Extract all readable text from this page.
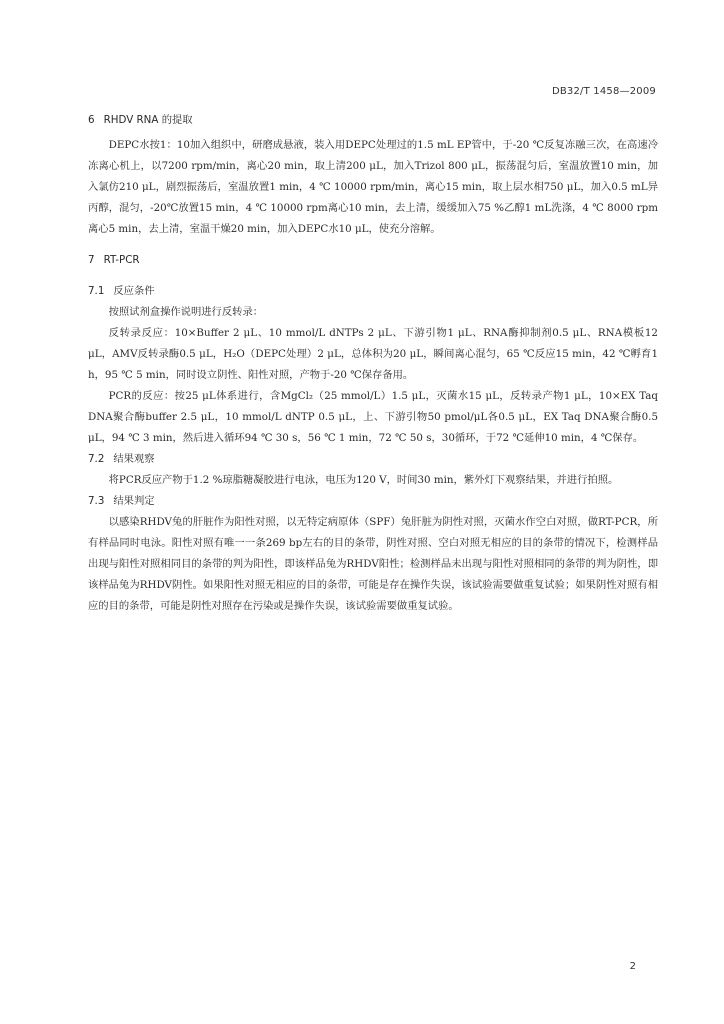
DB32/T 1458—2009
6 RHDV RNA 的提取

DEPC水按1：10加入组织中，研磨成悬液，装入用DEPC处理过的1.5 mL EP管中，于-20 ℃反复冻融三次，在高速冷冻离心机上，以7200 rpm/min，离心20 min，取上清200 μL，加入Trizol 800 μL，振荡混匀后，室温放置10 min，加入氯仿210 μL，剧烈振荡后，室温放置1 min，4 ℃ 10000 rpm/min，离心15 min，取上层水相750 μL，加入0.5 mL异丙醇，混匀，-20℃放置15 min，4 ℃ 10000 rpm离心10 min，去上清，缓缓加入75 %乙醇1 mL洗涤，4 ℃ 8000 rpm离心5 min，去上清，室温干燥20 min，加入DEPC水10 μL，使充分溶解。

7 RT-PCR
7.1 反应条件

按照试剂盒操作说明进行反转录：

反转录反应：10×Buffer 2 μL、10 mmol/L dNTPs 2 μL、下游引物1 μL、RNA酶抑制剂0.5 μL、RNA模板12 μL，AMV反转录酶0.5 μL，H₂O（DEPC处理）2 μL，总体积为20 μL，瞬间离心混匀，65 ℃反应15 min，42 ℃孵育1 h，95 ℃ 5 min，同时设立阴性、阳性对照，产物于-20 ℃保存备用。

PCR的反应：按25 μL体系进行，含MgCl₂（25 mmol/L）1.5 μL，灭菌水15 μL，反转录产物1 μL，10×EX Taq DNA聚合酶buffer 2.5 μL，10 mmol/L dNTP 0.5 μL，上、下游引物50 pmol/μL各0.5 μL，EX Taq DNA聚合酶0.5 μL，94 ℃ 3 min，然后进入循环94 ℃ 30 s，56 ℃ 1 min，72 ℃ 50 s，30循环，于72 ℃延伸10 min，4 ℃保存。

7.2 结果观察

将PCR反应产物于1.2 %琼脂糖凝胶进行电泳，电压为120 V，时间30 min，紫外灯下观察结果，并进行拍照。

7.3 结果判定

以感染RHDV兔的肝脏作为阳性对照，以无特定病原体（SPF）兔肝脏为阴性对照，灭菌水作空白对照，做RT-PCR，所有样品同时电泳。阳性对照有唯一一条269 bp左右的目的条带，阴性对照、空白对照无相应的目的条带的情况下，检测样品出现与阳性对照相同目的条带的判为阳性，即该样品兔为RHDV阳性；检测样品未出现与阳性对照相同的条带的判为阴性，即该样品兔为RHDV阴性。如果阳性对照无相应的目的条带，可能是存在操作失误，该试验需要做重复试验；如果阴性对照有相应的目的条带，可能是阴性对照存在污染或是操作失误，该试验需要做重复试验。

2
